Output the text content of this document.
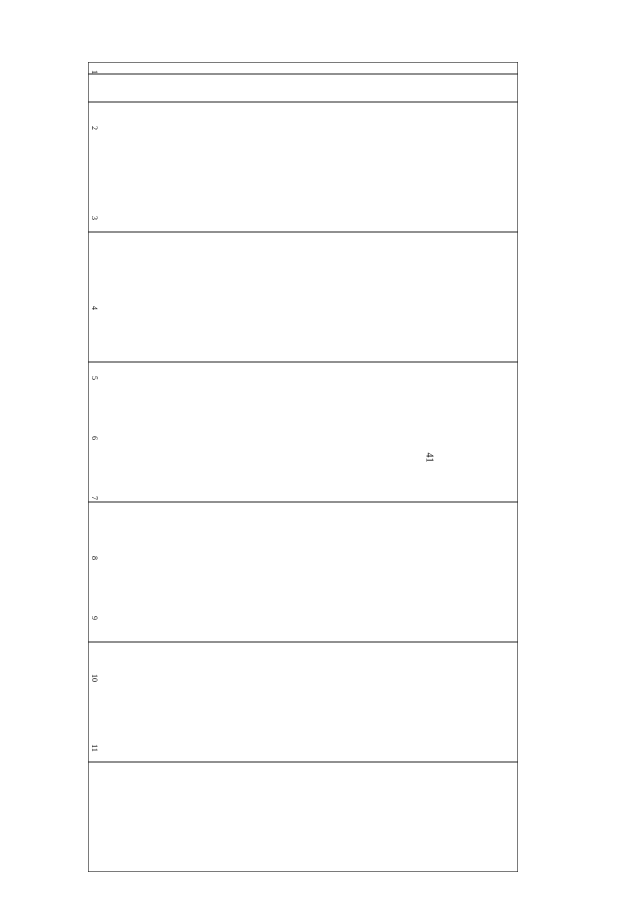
41
1
2
3
4
5
6
7
8
9
10
11
